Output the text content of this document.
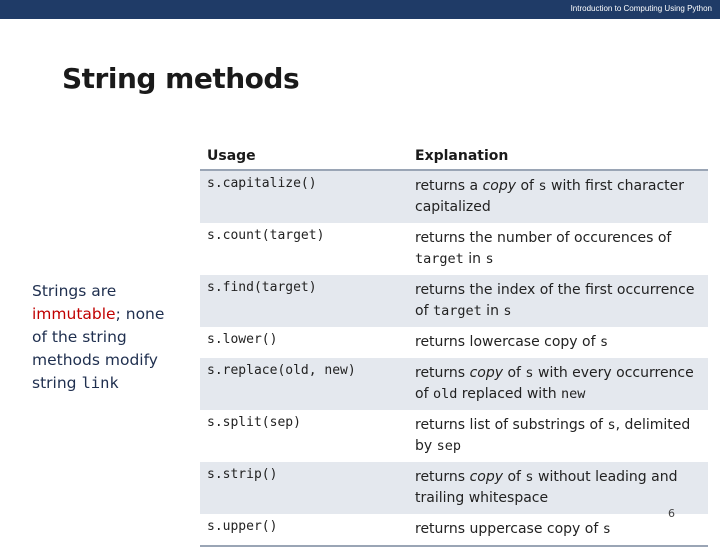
Introduction to Computing Using Python
String methods
Strings are immutable; none of the string methods modify string link
Usage	Explanation
s.capitalize()	returns a copy of s with first character capitalized
s.count(target)	returns the number of occurences of target in s
s.find(target)	returns the index of the first occurrence of target in s
s.lower()	returns lowercase copy of s
s.replace(old, new)	returns copy of s with every occurrence of old replaced with new
s.split(sep)	returns list of substrings of s, delimited by sep
s.strip()	returns copy of s without leading and trailing whitespace
s.upper()	returns uppercase copy of s
6
